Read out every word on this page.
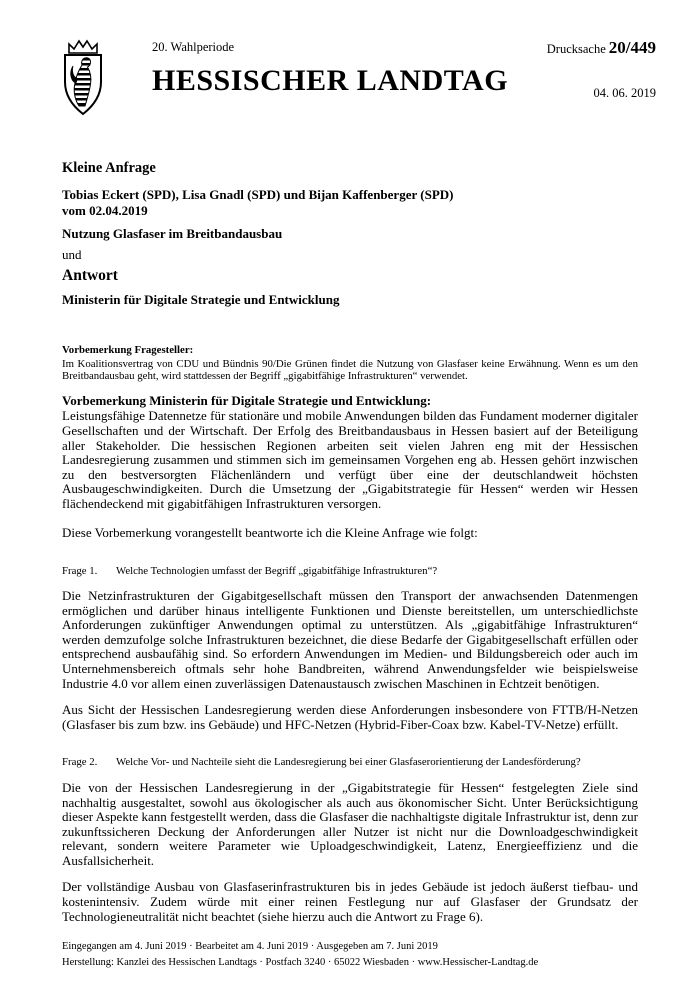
20. Wahlperiode
HESSISCHER LANDTAG
Drucksache 20/449
04. 06. 2019
Kleine Anfrage
Tobias Eckert (SPD), Lisa Gnadl (SPD) und Bijan Kaffenberger (SPD)
vom 02.04.2019
Nutzung Glasfaser im Breitbandausbau
und
Antwort
Ministerin für Digitale Strategie und Entwicklung
Vorbemerkung Fragesteller:
Im Koalitionsvertrag von CDU und Bündnis 90/Die Grünen findet die Nutzung von Glasfaser keine Erwähnung. Wenn es um den Breitbandausbau geht, wird stattdessen der Begriff „gigabitfähige Infrastrukturen“ verwendet.
Vorbemerkung Ministerin für Digitale Strategie und Entwicklung:
Leistungsfähige Datennetze für stationäre und mobile Anwendungen bilden das Fundament moderner digitaler Gesellschaften und der Wirtschaft. Der Erfolg des Breitbandausbaus in Hessen basiert auf der Beteiligung aller Stakeholder. Die hessischen Regionen arbeiten seit vielen Jahren eng mit der Hessischen Landesregierung zusammen und stimmen sich im gemeinsamen Vorgehen eng ab. Hessen gehört inzwischen zu den bestversorgten Flächenländern und verfügt über eine der deutschlandweit höchsten Ausbaugeschwindigkeiten. Durch die Umsetzung der „Gigabitstrategie für Hessen“ werden wir Hessen flächendeckend mit gigabitfähigen Infrastrukturen versorgen.
Diese Vorbemerkung vorangestellt beantworte ich die Kleine Anfrage wie folgt:
Frage 1.	Welche Technologien umfasst der Begriff „gigabitfähige Infrastrukturen“?
Die Netzinfrastrukturen der Gigabitgesellschaft müssen den Transport der anwachsenden Datenmengen ermöglichen und darüber hinaus intelligente Funktionen und Dienste bereitstellen, um unterschiedlichste Anforderungen zukünftiger Anwendungen optimal zu unterstützen. Als „gigabitfähige Infrastrukturen“ werden demzufolge solche Infrastrukturen bezeichnet, die diese Bedarfe der Gigabitgesellschaft erfüllen oder entsprechend ausbaufähig sind. So erfordern Anwendungen im Medien- und Bildungsbereich oder auch im Unternehmensbereich oftmals sehr hohe Bandbreiten, während Anwendungsfelder wie beispielsweise Industrie 4.0 vor allem einen zuverlässigen Datenaustausch zwischen Maschinen in Echtzeit benötigen.
Aus Sicht der Hessischen Landesregierung werden diese Anforderungen insbesondere von FTTB/H-Netzen (Glasfaser bis zum bzw. ins Gebäude) und HFC-Netzen (Hybrid-Fiber-Coax bzw. Kabel-TV-Netze) erfüllt.
Frage 2.	Welche Vor- und Nachteile sieht die Landesregierung bei einer Glasfaserorientierung der Landesförderung?
Die von der Hessischen Landesregierung in der „Gigabitstrategie für Hessen“ festgelegten Ziele sind nachhaltig ausgestaltet, sowohl aus ökologischer als auch aus ökonomischer Sicht. Unter Berücksichtigung dieser Aspekte kann festgestellt werden, dass die Glasfaser die nachhaltigste digitale Infrastruktur ist, denn zur zukunftssicheren Deckung der Anforderungen aller Nutzer ist nicht nur die Downloadgeschwindigkeit relevant, sondern weitere Parameter wie Uploadgeschwindigkeit, Latenz, Energieeffizienz und die Ausfallsicherheit.
Der vollständige Ausbau von Glasfaserinfrastrukturen bis in jedes Gebäude ist jedoch äußerst tiefbau- und kostenintensiv. Zudem würde mit einer reinen Festlegung nur auf Glasfaser der Grundsatz der Technologieneutralität nicht beachtet (siehe hierzu auch die Antwort zu Frage 6).
Eingegangen am 4. Juni 2019 · Bearbeitet am 4. Juni 2019 · Ausgegeben am 7. Juni 2019
Herstellung: Kanzlei des Hessischen Landtags · Postfach 3240 · 65022 Wiesbaden · www.Hessischer-Landtag.de
